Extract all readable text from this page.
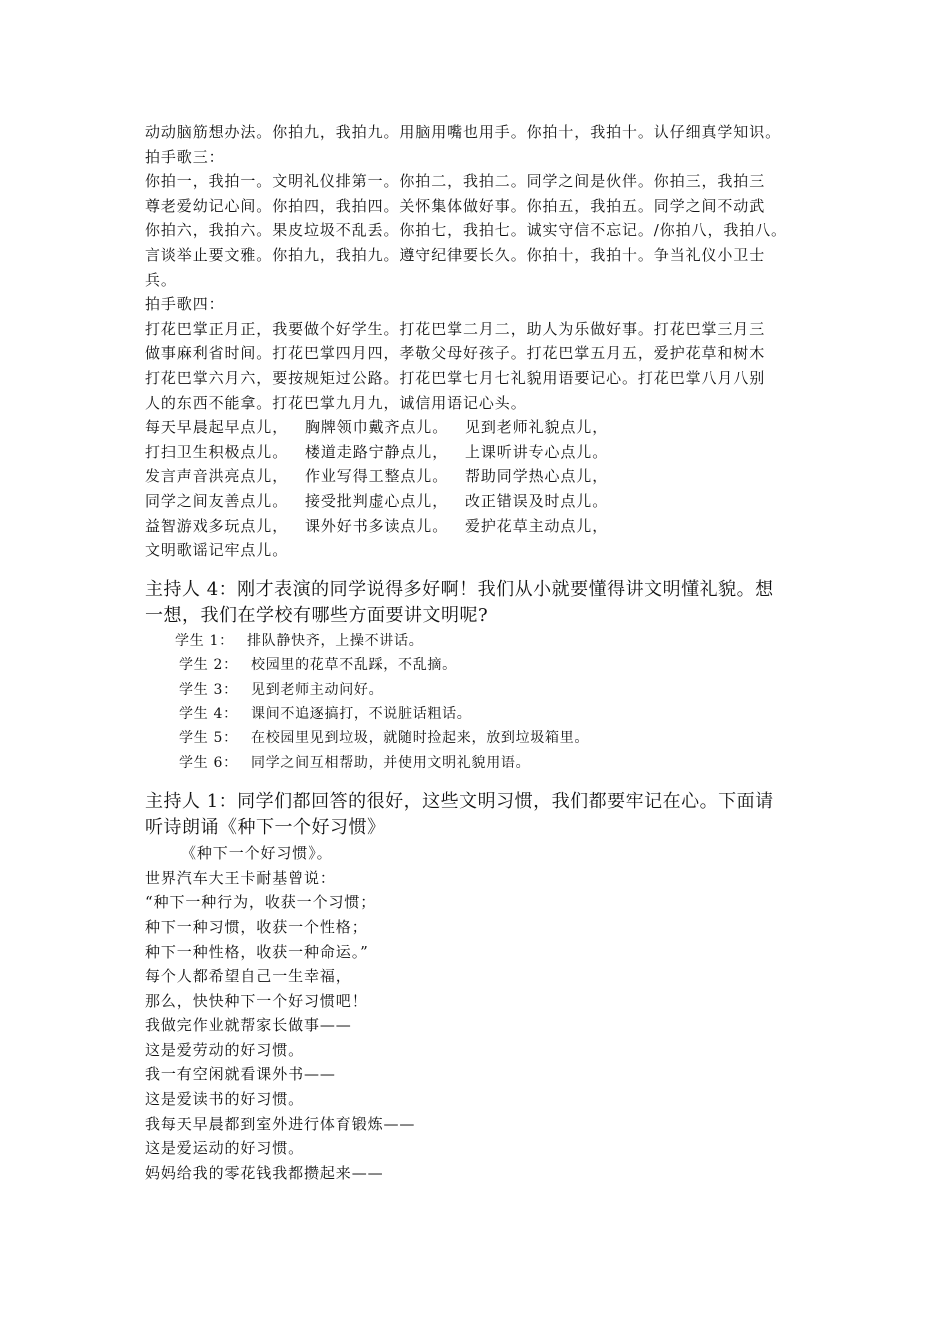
动动脑筋想办法。你拍九，我拍九。用脑用嘴也用手。你拍十，我拍十。认仔细真学知识。
拍手歌三：
你拍一，我拍一。文明礼仪排第一。你拍二，我拍二。同学之间是伙伴。你拍三，我拍三
尊老爱幼记心间。你拍四，我拍四。关怀集体做好事。你拍五，我拍五。同学之间不动武
你拍六，我拍六。果皮垃圾不乱丢。你拍七，我拍七。诚实守信不忘记。/你拍八，我拍八。
言谈举止要文雅。你拍九，我拍九。遵守纪律要长久。你拍十，我拍十。争当礼仪小卫士
兵。
拍手歌四：
打花巴掌正月正，我要做个好学生。打花巴掌二月二，助人为乐做好事。打花巴掌三月三
做事麻利省时间。打花巴掌四月四，孝敬父母好孩子。打花巴掌五月五，爱护花草和树木
打花巴掌六月六，要按规矩过公路。打花巴掌七月七礼貌用语要记心。打花巴掌八月八别
人的东西不能拿。打花巴掌九月九，诚信用语记心头。
每天早晨起早点儿， 胸牌领巾戴齐点儿。 见到老师礼貌点儿，
打扫卫生积极点儿。 楼道走路宁静点儿， 上课听讲专心点儿。
发言声音洪亮点儿， 作业写得工整点儿。 帮助同学热心点儿，
同学之间友善点儿。 接受批判虚心点儿， 改正错误及时点儿。
益智游戏多玩点儿， 课外好书多读点儿。 爱护花草主动点儿，
文明歌谣记牢点儿。
主持人 4：刚才表演的同学说得多好啊！我们从小就要懂得讲文明懂礼貌。想
一想，我们在学校有哪些方面要讲文明呢?
学生 1： 排队静快齐，上操不讲话。
学生 2： 校园里的花草不乱踩，不乱摘。
学生 3： 见到老师主动问好。
学生 4： 课间不追逐搞打，不说脏话粗话。
学生 5： 在校园里见到垃圾，就随时捡起来，放到垃圾箱里。
学生 6： 同学之间互相帮助，并使用文明礼貌用语。
主持人 1：同学们都回答的很好，这些文明习惯，我们都要牢记在心。下面请
听诗朗诵《种下一个好习惯》
《种下一个好习惯》。
世界汽车大王卡耐基曾说：
“种下一种行为，收获一个习惯；
种下一种习惯，收获一个性格；
种下一种性格，收获一种命运。”
每个人都希望自己一生幸福，
那么，快快种下一个好习惯吧！
我做完作业就帮家长做事——
这是爱劳动的好习惯。
我一有空闲就看课外书——
这是爱读书的好习惯。
我每天早晨都到室外进行体育锻炼——
这是爱运动的好习惯。
妈妈给我的零花钱我都攒起来——
